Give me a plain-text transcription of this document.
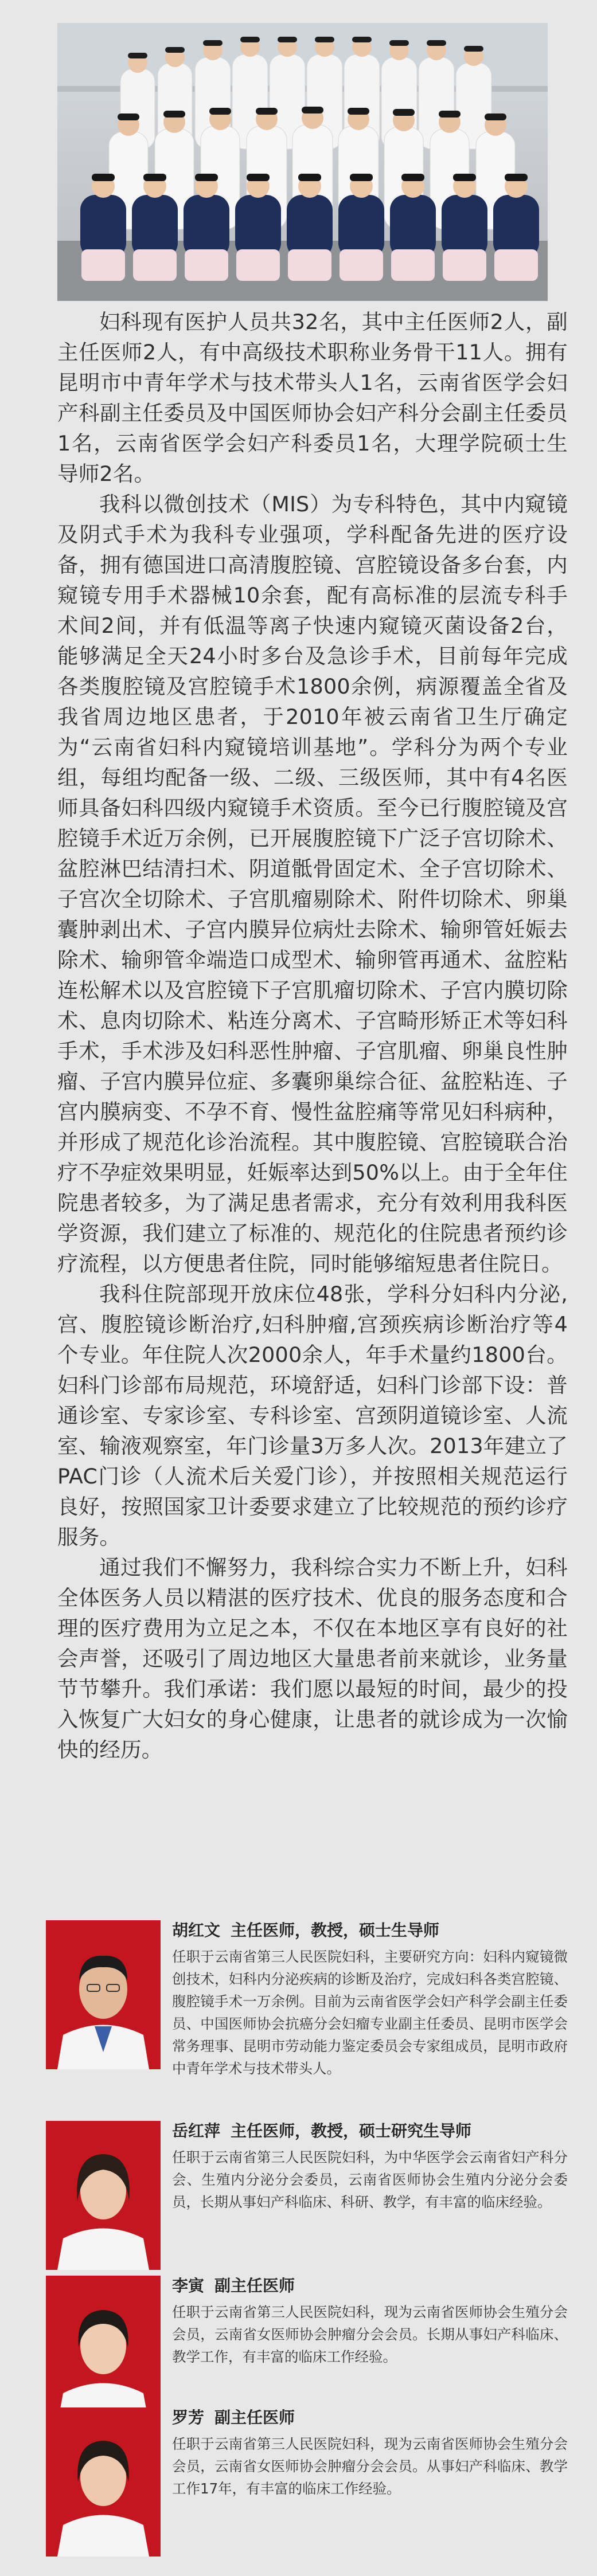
妇科现有医护人员共32名，其中主任医师2人，副主任医师2人，有中高级技术职称业务骨干11人。拥有昆明市中青年学术与技术带头人1名，云南省医学会妇产科副主任委员及中国医师协会妇产科分会副主任委员1名，云南省医学会妇产科委员1名，大理学院硕士生导师2名。

我科以微创技术（MIS）为专科特色，其中内窥镜及阴式手术为我科专业强项，学科配备先进的医疗设备，拥有德国进口高清腹腔镜、宫腔镜设备多台套，内窥镜专用手术器械10余套，配有高标准的层流专科手术间2间，并有低温等离子快速内窥镜灭菌设备2台，能够满足全天24小时多台及急诊手术，目前每年完成各类腹腔镜及宫腔镜手术1800余例，病源覆盖全省及我省周边地区患者，于2010年被云南省卫生厅确定为“云南省妇科内窥镜培训基地”。学科分为两个专业组，每组均配备一级、二级、三级医师，其中有4名医师具备妇科四级内窥镜手术资质。至今已行腹腔镜及宫腔镜手术近万余例，已开展腹腔镜下广泛子宫切除术、盆腔淋巴结清扫术、阴道骶骨固定术、全子宫切除术、子宫次全切除术、子宫肌瘤剔除术、附件切除术、卵巢囊肿剥出术、子宫内膜异位病灶去除术、输卵管妊娠去除术、输卵管伞端造口成型术、输卵管再通术、盆腔粘连松解术以及宫腔镜下子宫肌瘤切除术、子宫内膜切除术、息肉切除术、粘连分离术、子宫畸形矫正术等妇科手术，手术涉及妇科恶性肿瘤、子宫肌瘤、卵巢良性肿瘤、子宫内膜异位症、多囊卵巢综合征、盆腔粘连、子宫内膜病变、不孕不育、慢性盆腔痛等常见妇科病种，并形成了规范化诊治流程。其中腹腔镜、宫腔镜联合治疗不孕症效果明显，妊娠率达到50%以上。由于全年住院患者较多，为了满足患者需求，充分有效利用我科医学资源，我们建立了标准的、规范化的住院患者预约诊疗流程，以方便患者住院，同时能够缩短患者住院日。

我科住院部现开放床位48张，学科分妇科内分泌,宫、腹腔镜诊断治疗,妇科肿瘤,宫颈疾病诊断治疗等4个专业。年住院人次2000余人，年手术量约1800台。 妇科门诊部布局规范，环境舒适，妇科门诊部下设：普通诊室、专家诊室、专科诊室、宫颈阴道镜诊室、人流室、输液观察室，年门诊量3万多人次。2013年建立了PAC门诊（人流术后关爱门诊），并按照相关规范运行良好，按照国家卫计委要求建立了比较规范的预约诊疗服务。

通过我们不懈努力，我科综合实力不断上升，妇科全体医务人员以精湛的医疗技术、优良的服务态度和合理的医疗费用为立足之本，不仅在本地区享有良好的社会声誉，还吸引了周边地区大量患者前来就诊，业务量节节攀升。我们承诺：我们愿以最短的时间，最少的投入恢复广大妇女的身心健康，让患者的就诊成为一次愉快的经历。

胡红文 主任医师，教授，硕士生导师
任职于云南省第三人民医院妇科，主要研究方向：妇科内窥镜微创技术，妇科内分泌疾病的诊断及治疗，完成妇科各类宫腔镜、腹腔镜手术一万余例。目前为云南省医学会妇产科学会副主任委员、中国医师协会抗癌分会妇瘤专业副主任委员、昆明市医学会常务理事、昆明市劳动能力鉴定委员会专家组成员，昆明市政府中青年学术与技术带头人。
岳红萍 主任医师，教授，硕士研究生导师
任职于云南省第三人民医院妇科，为中华医学会云南省妇产科分会、生殖内分泌分会委员，云南省医师协会生殖内分泌分会委员，长期从事妇产科临床、科研、教学，有丰富的临床经验。
李寅 副主任医师
任职于云南省第三人民医院妇科，现为云南省医师协会生殖分会会员，云南省女医师协会肿瘤分会会员。长期从事妇产科临床、教学工作，有丰富的临床工作经验。
罗芳 副主任医师
任职于云南省第三人民医院妇科，现为云南省医师协会生殖分会会员，云南省女医师协会肿瘤分会会员。从事妇产科临床、教学工作17年，有丰富的临床工作经验。
